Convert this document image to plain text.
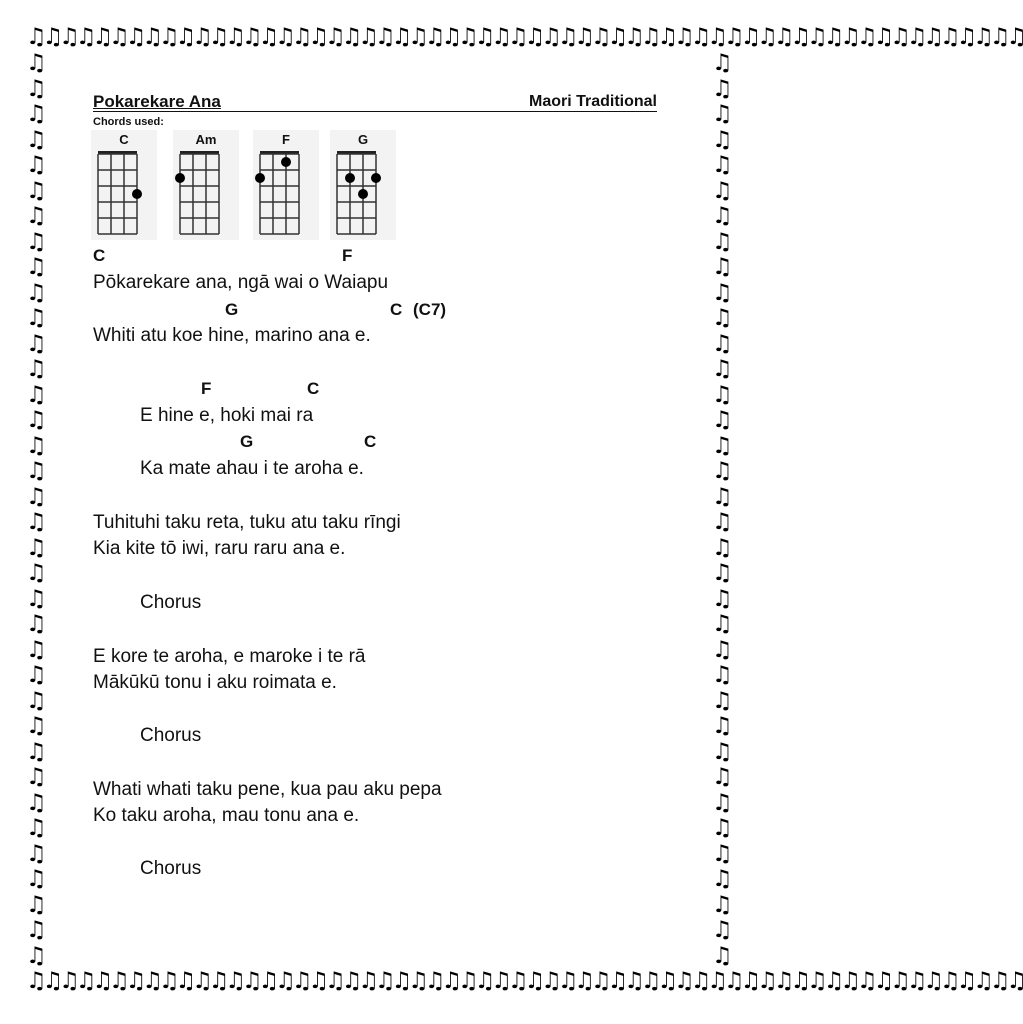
♫♫♫♫♫♫♫♫♫♫♫♫♫♫♫♫♫♫♫♫♫♫♫♫♫♫♫♫♫♫♫♫♫♫♫♫♫♫♫♫♫♫♫♫♫♫♫♫♫♫♫♫♫♫♫♫♫♫♫♫
♫♫♫♫♫♫♫♫♫♫♫♫♫♫♫♫♫♫♫♫♫♫♫♫♫♫♫♫♫♫♫♫♫♫♫♫♫♫♫♫♫♫♫♫♫♫♫♫♫♫♫♫♫♫♫♫♫♫♫♫
♫
♫
♫
♫
♫
♫
♫
♫
♫
♫
♫
♫
♫
♫
♫
♫
♫
♫
♫
♫
♫
♫
♫
♫
♫
♫
♫
♫
♫
♫
♫
♫
♫
♫
♫
♫
♫
♫
♫
♫
♫
♫
♫
♫
♫
♫
♫
♫
♫
♫
♫
♫
♫
♫
♫
♫
♫
♫
♫
♫
♫
♫
♫
♫
♫
♫
♫
♫
♫
♫
♫
♫
Pokarekare Ana	Maori Traditional
Chords used:
C	Am	F	G
C	F
Pōkarekare ana, ngā wai o Waiapu
G	C (C7)
Whiti atu koe hine, marino ana e.
F	C
E hine e, hoki mai ra
G	C
Ka mate ahau i te aroha e.
Tuhituhi taku reta, tuku atu taku rīngi
Kia kite tō iwi, raru raru ana e.
Chorus
E kore te aroha, e maroke i te rā
Mākūkū tonu i aku roimata e.
Chorus
Whati whati taku pene, kua pau aku pepa
Ko taku aroha, mau tonu ana e.
Chorus
